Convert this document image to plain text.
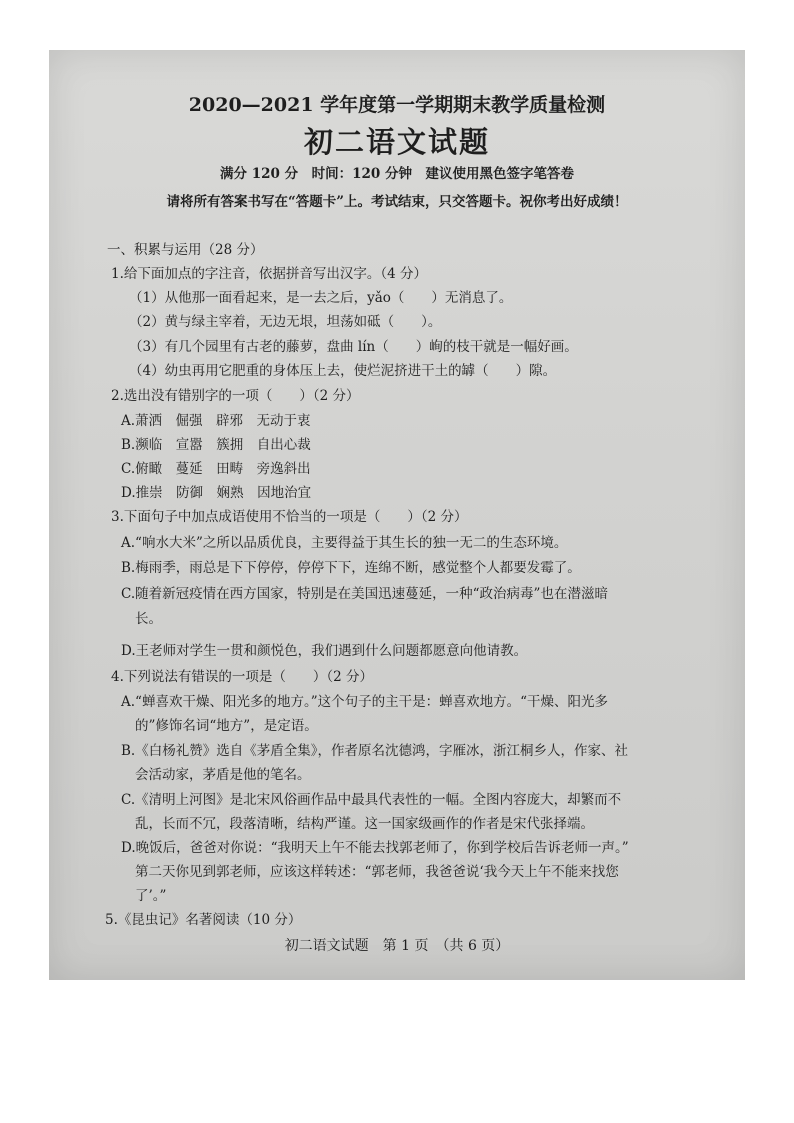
2020—2021 学年度第一学期期末教学质量检测
初二语文试题
满分 120 分　时间：120 分钟　建议使用黑色签字笔答卷
请将所有答案书写在“答题卡”上。考试结束，只交答题卡。祝你考出好成绩！
一、积累与运用（28 分）
1.给下面加点的字注音，依据拼音写出汉字。（4 分）
（1）从他那一面看起来，是一去之后，yǎo（　　）无消息了。
（2）黄与绿主宰着，无边无垠，坦荡如砥（　　）。
（3）有几个园里有古老的藤萝，盘曲 lín（　　）峋的枝干就是一幅好画。
（4）幼虫再用它肥重的身体压上去，使烂泥挤进干土的罅（　　）隙。
2.选出没有错别字的一项（　　）（2 分）
A.萧洒　倔强　辟邪　无动于衷
B.濒临　宣嚣　簇拥　自出心裁
C.俯瞰　蔓延　田畴　旁逸斜出
D.推崇　防御　娴熟　因地治宜
3.下面句子中加点成语使用不恰当的一项是（　　）（2 分）
A.“响水大米”之所以品质优良，主要得益于其生长的独一无二的生态环境。
B.梅雨季，雨总是下下停停，停停下下，连绵不断，感觉整个人都要发霉了。
C.随着新冠疫情在西方国家，特别是在美国迅速蔓延，一种“政治病毒”也在潜滋暗
长。
D.王老师对学生一贯和颜悦色，我们遇到什么问题都愿意向他请教。
4.下列说法有错误的一项是（　　）（2 分）
A.“蝉喜欢干燥、阳光多的地方。”这个句子的主干是：蝉喜欢地方。“干燥、阳光多
的”修饰名词“地方”，是定语。
B.《白杨礼赞》选自《茅盾全集》，作者原名沈德鸿，字雁冰，浙江桐乡人，作家、社
会活动家，茅盾是他的笔名。
C.《清明上河图》是北宋风俗画作品中最具代表性的一幅。全图内容庞大，却繁而不
乱，长而不冗，段落清晰，结构严谨。这一国家级画作的作者是宋代张择端。
D.晚饭后，爸爸对你说：“我明天上午不能去找郭老师了，你到学校后告诉老师一声。”
第二天你见到郭老师，应该这样转述：“郭老师，我爸爸说‘我今天上午不能来找您
了’。”
5.《昆虫记》名著阅读（10 分）
初二语文试题　第 1 页　（共 6 页）
